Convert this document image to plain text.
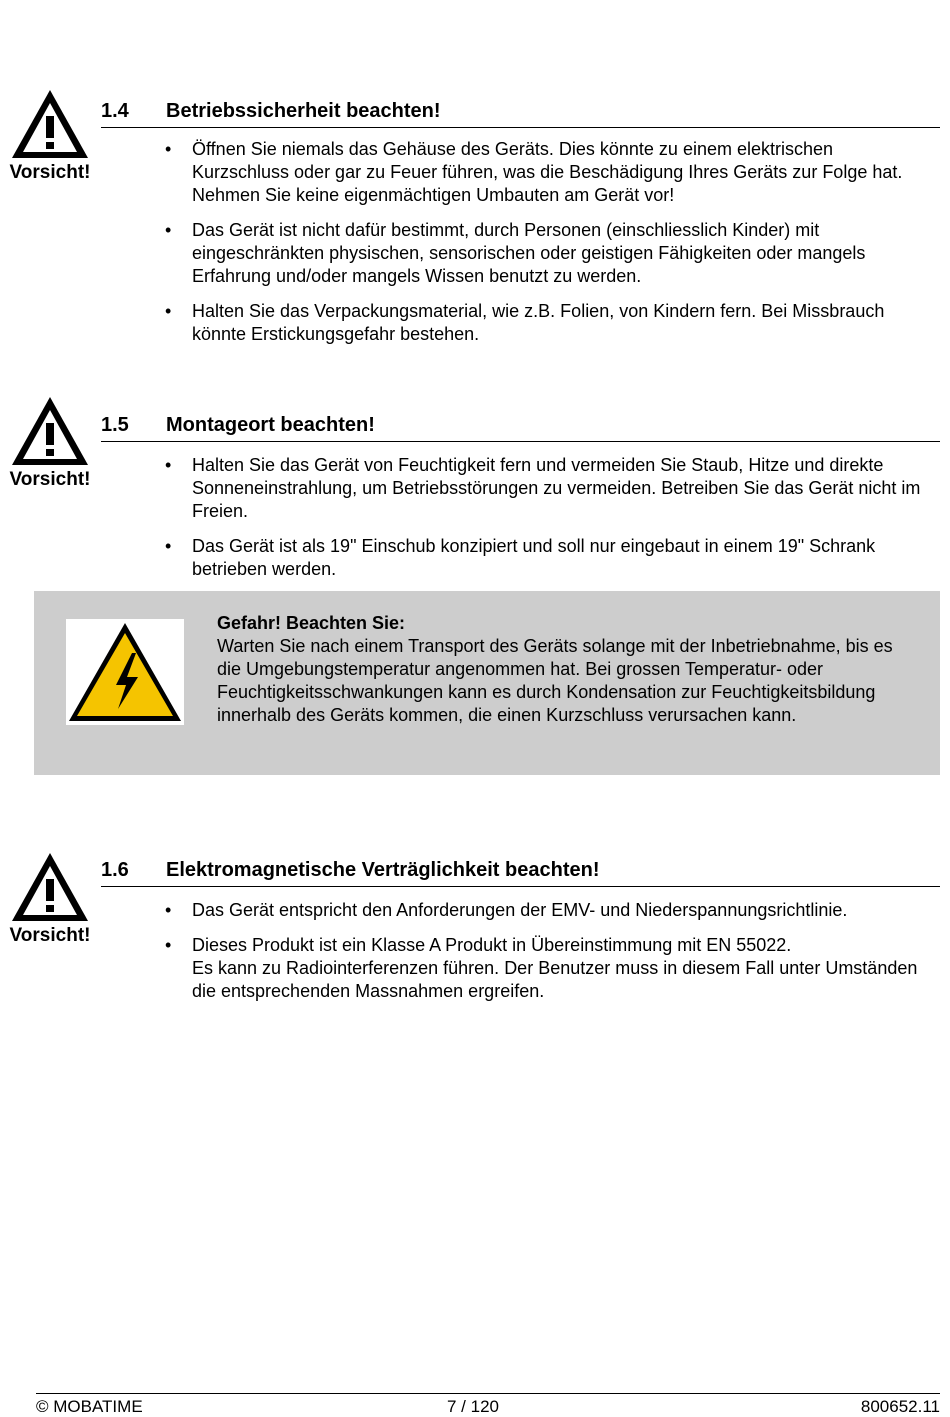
Vorsicht!
1.4 Betriebssicherheit beachten!
• Öffnen Sie niemals das Gehäuse des Geräts. Dies könnte zu einem elektrischen Kurzschluss oder gar zu Feuer führen, was die Beschädigung Ihres Geräts zur Folge hat. Nehmen Sie keine eigenmächtigen Umbauten am Gerät vor!
• Das Gerät ist nicht dafür bestimmt, durch Personen (einschliesslich Kinder) mit eingeschränkten physischen, sensorischen oder geistigen Fähigkeiten oder mangels Erfahrung und/oder mangels Wissen benutzt zu werden.
• Halten Sie das Verpackungsmaterial, wie z.B. Folien, von Kindern fern. Bei Missbrauch könnte Erstickungsgefahr bestehen.
Vorsicht!
1.5 Montageort beachten!
• Halten Sie das Gerät von Feuchtigkeit fern und vermeiden Sie Staub, Hitze und direkte Sonneneinstrahlung, um Betriebsstörungen zu vermeiden. Betreiben Sie das Gerät nicht im Freien.
• Das Gerät ist als 19" Einschub konzipiert und soll nur eingebaut in einem 19" Schrank betrieben werden.
Gefahr! Beachten Sie:
Warten Sie nach einem Transport des Geräts solange mit der Inbetriebnahme, bis es die Umgebungstemperatur angenommen hat. Bei grossen Temperatur- oder Feuchtigkeitsschwankungen kann es durch Kondensation zur Feuchtigkeitsbildung innerhalb des Geräts kommen, die einen Kurzschluss verursachen kann.
Vorsicht!
1.6 Elektromagnetische Verträglichkeit beachten!
• Das Gerät entspricht den Anforderungen der EMV- und Niederspannungsrichtlinie.
• Dieses Produkt ist ein Klasse A Produkt in Übereinstimmung mit EN 55022.
Es kann zu Radiointerferenzen führen. Der Benutzer muss in diesem Fall unter Umständen die entsprechenden Massnahmen ergreifen.
© MOBATIME	7 / 120	800652.11
